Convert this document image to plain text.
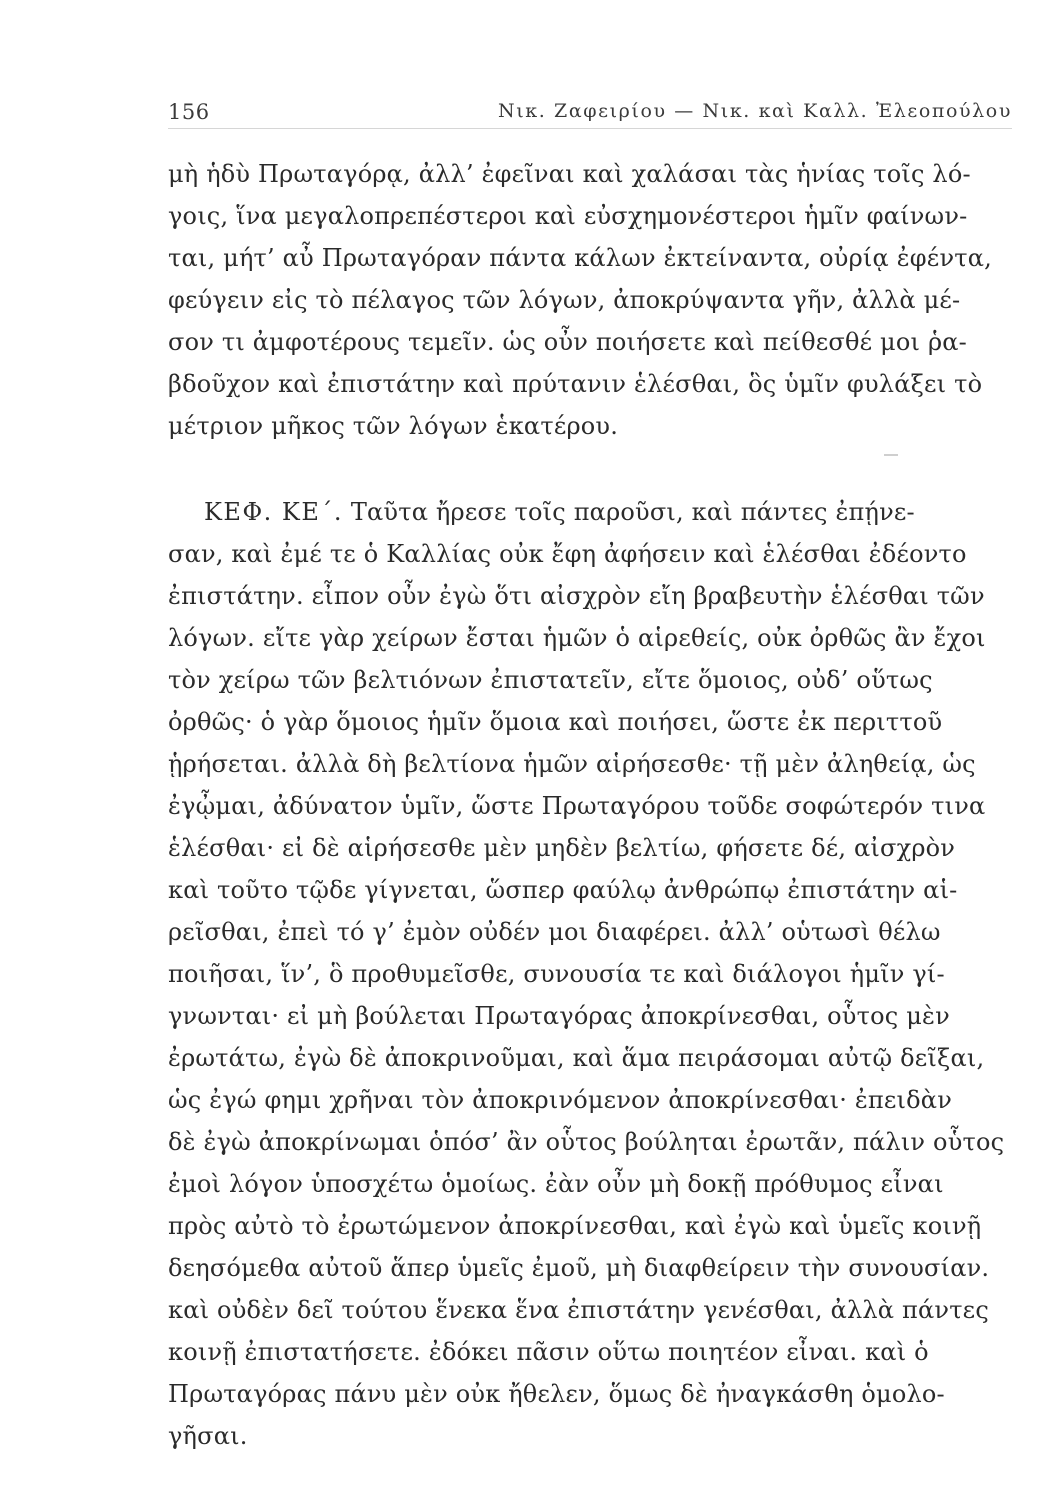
156	Νικ. Ζαφειρίου — Νικ. καὶ Καλλ. Ἐλεοπούλου
μὴ ἡδὺ Πρωταγόρᾳ, ἀλλ’ ἐφεῖναι καὶ χαλάσαι τὰς ἡνίας τοῖς λό-
γοις, ἵνα μεγαλοπρεπέστεροι καὶ εὐσχημονέστεροι ἡμῖν φαίνων-
ται, μήτ’ αὖ Πρωταγόραν πάντα κάλων ἐκτείναντα, οὐρίᾳ ἐφέντα,
φεύγειν εἰς τὸ πέλαγος τῶν λόγων, ἀποκρύψαντα γῆν, ἀλλὰ μέ-
σον τι ἀμφοτέρους τεμεῖν. ὡς οὖν ποιήσετε καὶ πείθεσθέ μοι ῥα-
βδοῦχον καὶ ἐπιστάτην καὶ πρύτανιν ἑλέσθαι, ὃς ὑμῖν φυλάξει τὸ
μέτριον μῆκος τῶν λόγων ἑκατέρου.
ΚΕΦ. ΚΕ΄. Ταῦτα ἤρεσε τοῖς παροῦσι, καὶ πάντες ἐπῄνε-
σαν, καὶ ἐμέ τε ὁ Καλλίας οὐκ ἔφη ἀφήσειν καὶ ἑλέσθαι ἐδέοντο
ἐπιστάτην. εἶπον οὖν ἐγὼ ὅτι αἰσχρὸν εἴη βραβευτὴν ἑλέσθαι τῶν
λόγων. εἴτε γὰρ χείρων ἔσται ἡμῶν ὁ αἱρεθείς, οὐκ ὀρθῶς ἂν ἔχοι
τὸν χείρω τῶν βελτιόνων ἐπιστατεῖν, εἴτε ὅμοιος, οὐδ’ οὕτως
ὀρθῶς· ὁ γὰρ ὅμοιος ἡμῖν ὅμοια καὶ ποιήσει, ὥστε ἐκ περιττοῦ
ᾑρήσεται. ἀλλὰ δὴ βελτίονα ἡμῶν αἱρήσεσθε· τῇ μὲν ἀληθείᾳ, ὡς
ἐγᾦμαι, ἀδύνατον ὑμῖν, ὥστε Πρωταγόρου τοῦδε σοφώτερόν τινα
ἑλέσθαι· εἰ δὲ αἱρήσεσθε μὲν μηδὲν βελτίω, φήσετε δέ, αἰσχρὸν
καὶ τοῦτο τῷδε γίγνεται, ὥσπερ φαύλῳ ἀνθρώπῳ ἐπιστάτην αἱ-
ρεῖσθαι, ἐπεὶ τό γ’ ἐμὸν οὐδέν μοι διαφέρει. ἀλλ’ οὑτωσὶ θέλω
ποιῆσαι, ἵν’, ὃ προθυμεῖσθε, συνουσία τε καὶ διάλογοι ἡμῖν γί-
γνωνται· εἰ μὴ βούλεται Πρωταγόρας ἀποκρίνεσθαι, οὗτος μὲν
ἐρωτάτω, ἐγὼ δὲ ἀποκρινοῦμαι, καὶ ἅμα πειράσομαι αὐτῷ δεῖξαι,
ὡς ἐγώ φημι χρῆναι τὸν ἀποκρινόμενον ἀποκρίνεσθαι· ἐπειδὰν
δὲ ἐγὼ ἀποκρίνωμαι ὁπόσ’ ἂν οὗτος βούληται ἐρωτᾶν, πάλιν οὗτος
ἐμοὶ λόγον ὑποσχέτω ὁμοίως. ἐὰν οὖν μὴ δοκῇ πρόθυμος εἶναι
πρὸς αὐτὸ τὸ ἐρωτώμενον ἀποκρίνεσθαι, καὶ ἐγὼ καὶ ὑμεῖς κοινῇ
δεησόμεθα αὐτοῦ ἅπερ ὑμεῖς ἐμοῦ, μὴ διαφθείρειν τὴν συνουσίαν.
καὶ οὐδὲν δεῖ τούτου ἕνεκα ἕνα ἐπιστάτην γενέσθαι, ἀλλὰ πάντες
κοινῇ ἐπιστατήσετε. ἐδόκει πᾶσιν οὕτω ποιητέον εἶναι. καὶ ὁ
Πρωταγόρας πάνυ μὲν οὐκ ἤθελεν, ὅμως δὲ ἠναγκάσθη ὁμολο-
γῆσαι.
